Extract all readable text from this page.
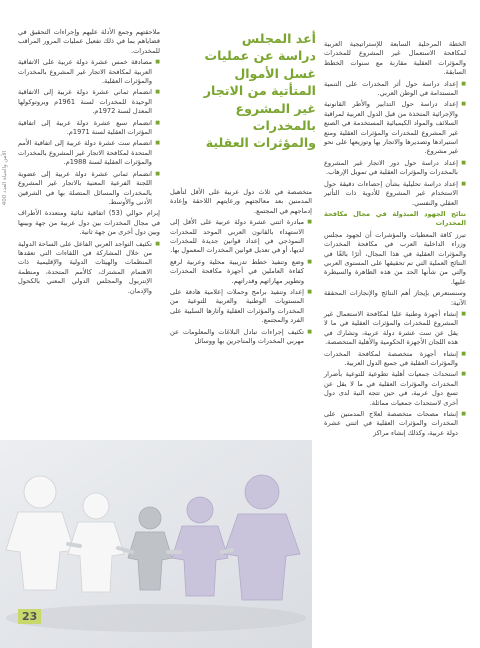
الأمن والحياة العدد 400

الخطة المرحلية السابعة للإستراتيجية العربية لمكافحة الاستعمال غير المشروع للمخدرات والمؤثرات العقلية مقارنة مع سنوات الخطط السابقة.

■ إعداد دراسة حول أثر المخدرات على التنمية المستدامة في الوطن العربي.
■ إعداد دراسة حول التدابير والأطر القانونية والإجرائية المتخذة من قبل الدول العربية لمراقبة السلائف والمواد الكيميائية المستخدمة في الصنع غير المشروع للمخدرات والمؤثرات العقلية ومنع استيرادها وتصديرها والاتجار بها وتوزيعها على نحو غير مشروع.
■ إعداد دراسة حول دور الاتجار غير المشروع بالمخدرات والمؤثرات العقلية في تمويل الإرهاب.
■ إعداد دراسة تحليلية بشأن إحصاءات دقيقة حول الاستخدام غير المشروع للأدوية ذات التأثير العقلي والنفسي.

نتائج الجهود المبذولة في مجال مكافحة المخدرات

تبرز كافة المعطيات والمؤشرات أن لجهود مجلس وزراء الداخلية العرب في مكافحة المخدرات والمؤثرات العقلية في هذا المجال، أثرًا بالغًا في النتائج العملية التي تم تحقيقها على المستوى العربي والتي من شأنها الحد من هذه الظاهرة والسيطرة عليها.

وسنستعرض بإيجاز أهم النتائج والإنجازات المحققة الآتية:

■ إنشاء أجهزة وطنية عليا لمكافحة الاستعمال غير المشروع للمخدرات والمؤثرات العقلية في ما لا يقل عن ست عشرة دولة عربية، وتشارك في هذه اللجان الأجهزة الحكومية والأهلية المتخصصة.
■ إنشاء أجهزة متخصصة لمكافحة المخدرات والمؤثرات العقلية في جميع الدول العربية.
■ استحداث جمعيات أهلية تطوعية للتوعية بأضرار المخدرات والمؤثرات العقلية في ما لا يقل عن تسع دول عربية، في حين تتجه النية لدى دول أخرى لاستحداث جمعيات مماثلة.
■ إنشاء مصحات متخصصة لعلاج المدمنين على المخدرات والمؤثرات العقلية في اثنتي عشرة دولة عربية، وكذلك إنشاء مراكز
أعد المجلس
دراسة عن عمليات
غسل الأموال
المتأتية من الاتجار
غير المشروع
بالمخدرات
والمؤثرات العقلية

متخصصة في ثلاث دول عربية على الأقل لتأهيل المدمنين بعد معالجتهم ورعايتهم اللاحقة وإعادة إدماجهم في المجتمع.

■ مبادرة اثنتي عشرة دولة عربية على الأقل إلى الاستهداء بالقانون العربي الموحد للمخدرات النموذجي في إعداد قوانين جديدة للمخدرات لديها، أو في تعديل قوانين المخدرات المعمول بها.
■ وضع وتنفيذ خطط تدريبية محلية وعربية لرفع كفاءة العاملين في أجهزة مكافحة المخدرات وتطوير مهاراتهم وقدراتهم.
■ إعداد وتنفيذ برامج وحملات إعلامية هادفة على المستويات الوطنية والعربية للتوعية من المخدرات والمؤثرات العقلية وآثارها السلبية على الفرد والمجتمع.
■ تكثيف إجراءات تبادل البلاغات والمعلومات عن مهربي المخدرات والمتاجرين بها ووسائل

ملاحقتهم وجمع الأدلة عليهم وإجراءات التحقيق في قضاياهم بما في ذلك تفعيل عمليات المرور المراقب للمخدرات.

■ مصادقة خمس عشرة دولة عربية على الاتفاقية العربية لمكافحة الاتجار غير المشروع بالمخدرات والمؤثرات العقلية.
■ انضمام ثماني عشرة دولة عربية إلى الاتفاقية الوحيدة للمخدرات لسنة 1961م وبروتوكولها المعدل لسنة 1972م.
■ انضمام سبع عشرة دولة عربية إلى اتفاقية المؤثرات العقلية لسنة 1971م.
■ انضمام ست عشرة دولة عربية إلى اتفاقية الأمم المتحدة لمكافحة الاتجار غير المشروع بالمخدرات والمؤثرات العقلية لسنة 1988م.
■ انضمام ثماني عشرة دولة عربية إلى عضوية اللجنة الفرعية المعنية بالاتجار غير المشروع بالمخدرات والمسائل المتصلة بها في الشرقين الأدنى والأوسط.

إبرام حوالي (53) اتفاقية ثنائية ومتعددة الأطراف في مجال المخدرات بين دول عربية من جهة وبينها وبين دول أخرى من جهة ثانية.

■ تكثيف التواجد العربي الفاعل على الساحة الدولية من خلال المشاركة في اللقاءات التي تعقدها المنظمات والهيئات الدولية والإقليمية ذات الاهتمام المشترك، كالأمم المتحدة، ومنظمة الإنتربول والمجلس الدولي المعني بالكحول والإدمان.
23
